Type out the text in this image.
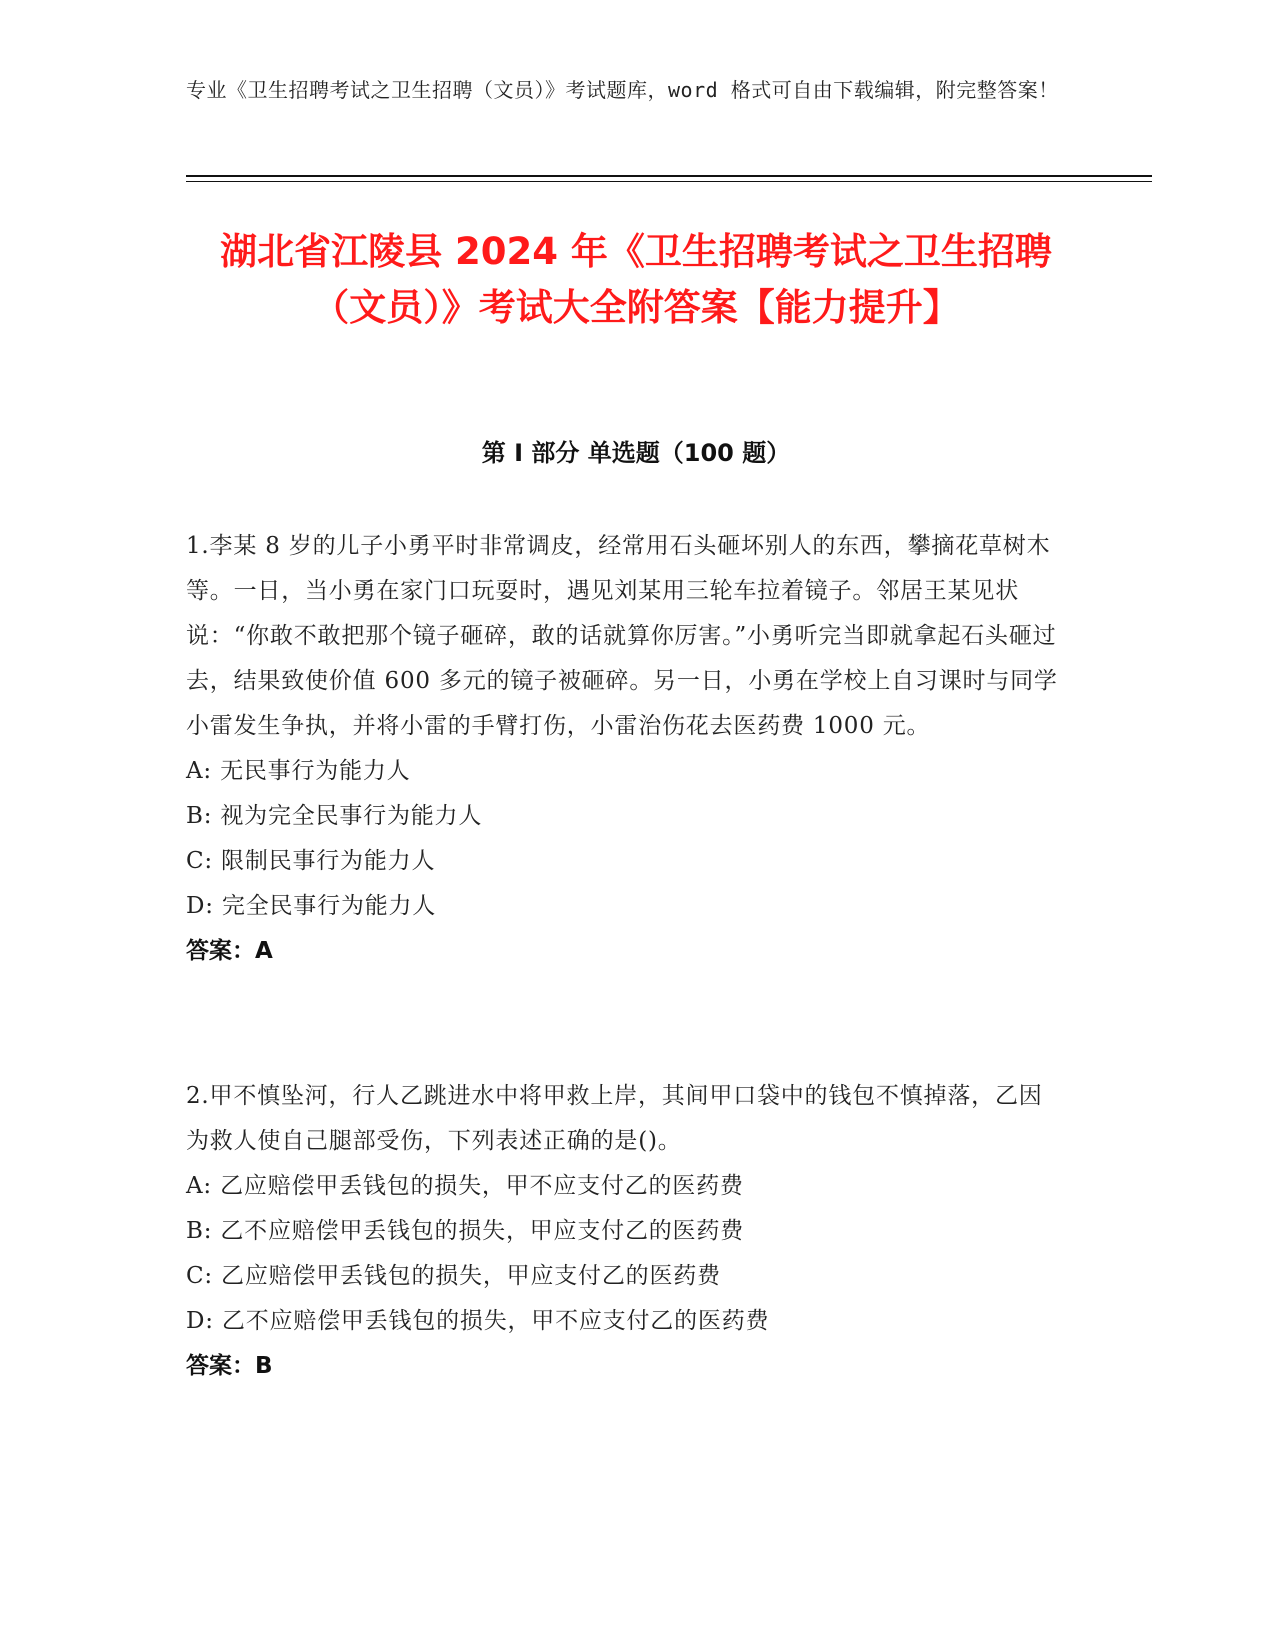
专业《卫生招聘考试之卫生招聘（文员）》考试题库，word 格式可自由下载编辑，附完整答案！
湖北省江陵县 2024 年《卫生招聘考试之卫生招聘（文员）》考试大全附答案【能力提升】
第 I 部分 单选题（100 题）
1.李某 8 岁的儿子小勇平时非常调皮，经常用石头砸坏别人的东西，攀摘花草树木等。一日，当小勇在家门口玩耍时，遇见刘某用三轮车拉着镜子。邻居王某见状说：“你敢不敢把那个镜子砸碎，敢的话就算你厉害。”小勇听完当即就拿起石头砸过去，结果致使价值 600 多元的镜子被砸碎。另一日，小勇在学校上自习课时与同学小雷发生争执，并将小雷的手臂打伤，小雷治伤花去医药费 1000 元。
A: 无民事行为能力人
B: 视为完全民事行为能力人
C: 限制民事行为能力人
D: 完全民事行为能力人
答案：A
2.甲不慎坠河，行人乙跳进水中将甲救上岸，其间甲口袋中的钱包不慎掉落，乙因为救人使自己腿部受伤，下列表述正确的是()。
A: 乙应赔偿甲丢钱包的损失，甲不应支付乙的医药费
B: 乙不应赔偿甲丢钱包的损失，甲应支付乙的医药费
C: 乙应赔偿甲丢钱包的损失，甲应支付乙的医药费
D: 乙不应赔偿甲丢钱包的损失，甲不应支付乙的医药费
答案：B
